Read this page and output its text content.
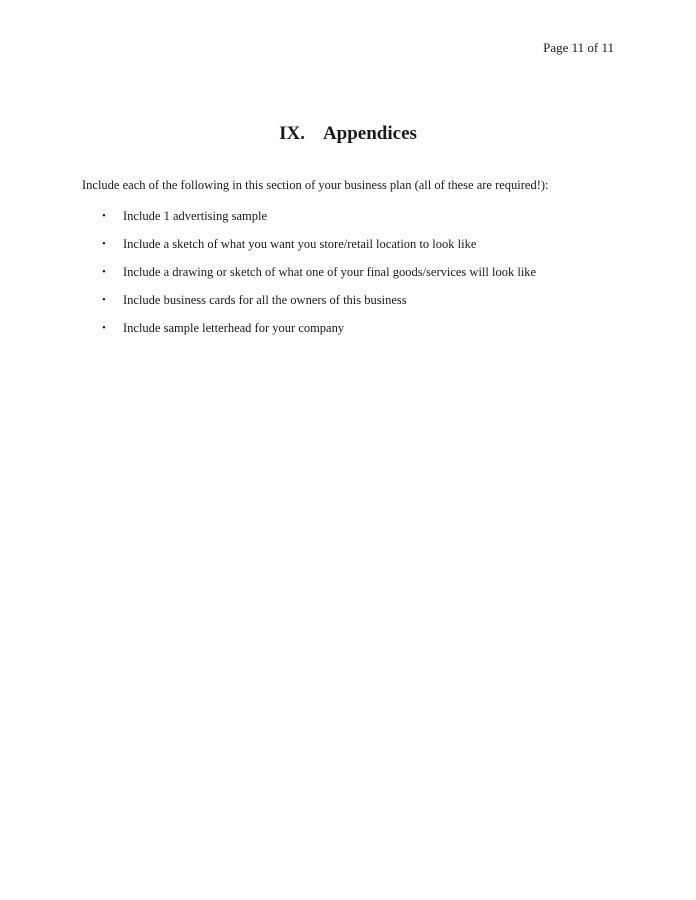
Page 11 of 11
IX. Appendices

Include each of the following in this section of your business plan (all of these are required!):

• Include 1 advertising sample
• Include a sketch of what you want you store/retail location to look like
• Include a drawing or sketch of what one of your final goods/services will look like
• Include business cards for all the owners of this business
• Include sample letterhead for your company
